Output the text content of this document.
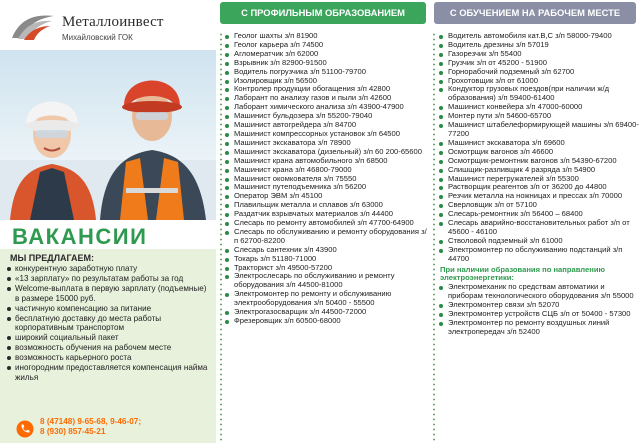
Металлоинвест
Михайловский ГОК
ВАКАНСИИ
МЫ ПРЕДЛАГАЕМ:
конкурентную заработную плату
«13 зарплату» по результатам работы за год
Welcome-выплата в первую зарплату (подъемные) в размере 15000 руб.
частичную компенсацию за питание
бесплатную доставку до места работы корпоративным транспортом
широкий социальный пакет
возможность обучения на рабочем месте
возможность карьерного роста
иногородним предоставляется компенсация найма жилья
8 (47148) 9-65-68, 9-46-07;
8 (930) 857-45-21
С ПРОФИЛЬНЫМ ОБРАЗОВАНИЕМ
Геолог шахты з/п 81900
Геолог карьера з/п 74500
Агломератчик з/п 62000
Взрывник з/п 82900-91500
Водитель погрузчика з/п 51100-79700
Изолировщик з/п 56500
Контролер продукции обогащения з/п 42800
Лаборант по анализу газов и пыли з/п 42600
Лаборант химического анализа з/п 43900-47900
Машинист бульдозера з/п 55200-79040
Машинист автогрейдера з/п 84700
Машинист компрессорных установок з/п 64500
Машинист экскаватора з/п 78900
Машинист экскаватора (дизельный) з/п 60 200-65600
Машинист крана автомобильного з/п 68500
Машинист крана з/п 46800-79000
Машинист окомкователя з/п 75550
Машинист путеподъемника з/п 56200
Оператор ЭВМ з/п 45100
Плавильщик металла и сплавов з/п 63000
Раздатчик взрывчатых материалов з/п 44400
Слесарь по ремонту автомобилей з/п 47700-64900
Слесарь по обслуживанию и ремонту оборудования з/п 62700-82200
Слесарь сантехник з/п 43900
Токарь з/п 51180-71000
Тракторист з/п 49500-57200
Электрослесарь по обслуживанию и ремонту оборудования з/п 44500-81000
Электромонтер по ремонту и обслуживанию электрооборудования з/п 50400 - 55500
Электрогазосварщик з/п 44500-72000
Фрезеровщик з/п 60500-68000
С ОБУЧЕНИЕМ НА РАБОЧЕМ МЕСТЕ
Водитель автомобиля кат.В,С з/п 58000-79400
Водитель дрезины з/п 57019
Газорезчик з/п 55400
Грузчик з/п от 45200 - 51900
Горнорабочий подземный з/п 62700
Грохотовщик з/п от 61000
Кондуктор грузовых поездов(при наличии ж/д образования) з/п 59400-61400
Машинист конвейера з/п 47000-60000
Монтер пути з/п 54600-65700
Машинист штабелеформирующей машины з/п 69400-77200
Машинист экскаватора з/п 69600
Осмотрщик вагонов з/п 46600
Осмотрщик-ремонтник вагонов з/п 54390-67200
Слишщик-разливщик 4 разряда з/п 54900
Машинист перегружателей з/п 55300
Растворщик реагентов з/п от 36200 до 44800
Резчик металла на ножницах и прессах з/п 70000
Сверловщик з/п от 57100
Слесарь-ремонтник з/п 56400 – 68400
Слесарь аварийно-восстановительных работ з/п от 45600 - 46100
Стволовой подземный з/п 61000
Электромонтер по обслуживанию подстанций з/п 44700
При наличии образования по направлению электроэнергетики:
Электромеханик по средствам автоматики и приборам технологического оборудования з/п 55000
Электромонтер связи з/п 52070
Электромонтер устройств СЦБ з/п от 50400 - 57300
Электромонтер по ремонту воздушных линий электропередач з/п 52400
